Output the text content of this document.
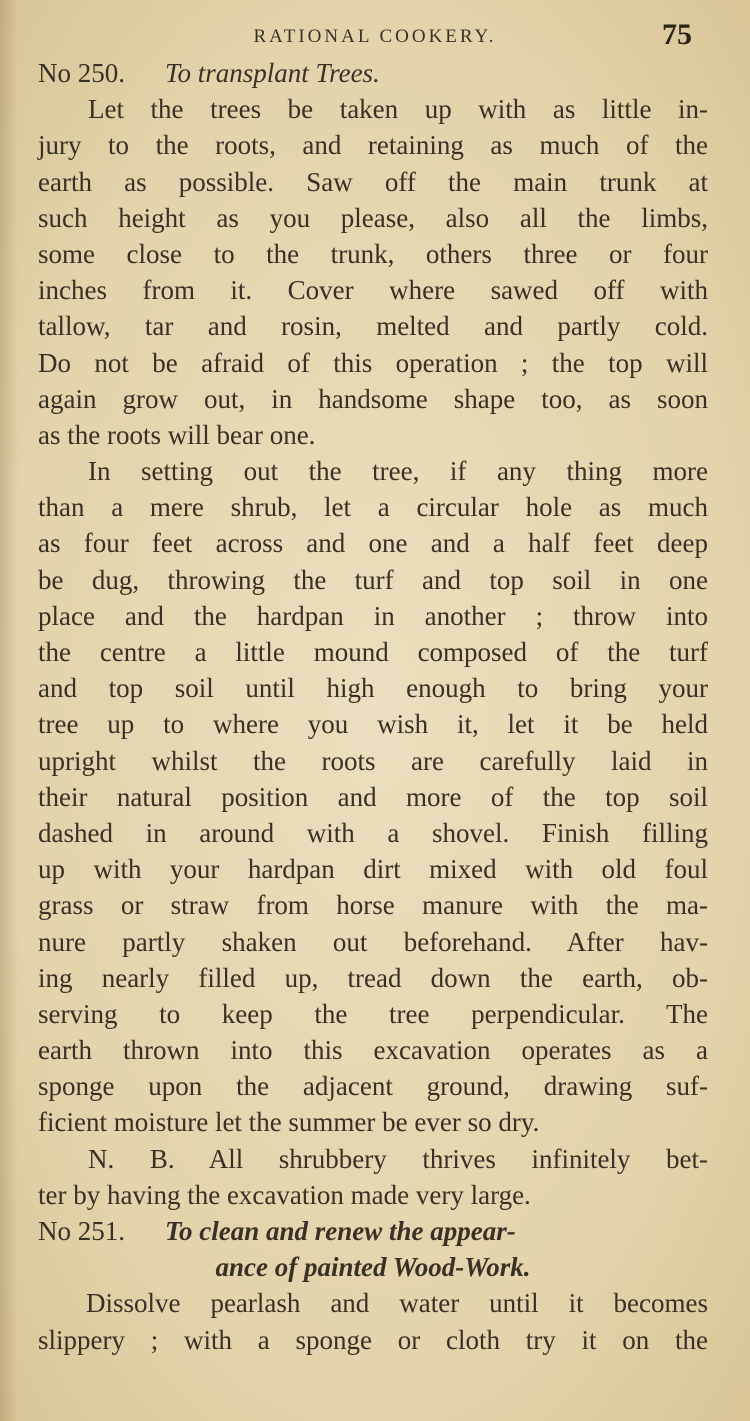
RATIONAL COOKERY.	75
No 250. To transplant Trees.
Let the trees be taken up with as little in-
jury to the roots, and retaining as much of the
earth as possible. Saw off the main trunk at
such height as you please, also all the limbs,
some close to the trunk, others three or four
inches from it. Cover where sawed off with
tallow, tar and rosin, melted and partly cold.
Do not be afraid of this operation ; the top will
again grow out, in handsome shape too, as soon
as the roots will bear one.
In setting out the tree, if any thing more
than a mere shrub, let a circular hole as much
as four feet across and one and a half feet deep
be dug, throwing the turf and top soil in one
place and the hardpan in another ; throw into
the centre a little mound composed of the turf
and top soil until high enough to bring your
tree up to where you wish it, let it be held
upright whilst the roots are carefully laid in
their natural position and more of the top soil
dashed in around with a shovel. Finish filling
up with your hardpan dirt mixed with old foul
grass or straw from horse manure with the ma-
nure partly shaken out beforehand. After hav-
ing nearly filled up, tread down the earth, ob-
serving to keep the tree perpendicular. The
earth thrown into this excavation operates as a
sponge upon the adjacent ground, drawing suf-
ficient moisture let the summer be ever so dry.
N. B. All shrubbery thrives infinitely bet-
ter by having the excavation made very large.
No 251. To clean and renew the appear-
ance of painted Wood-Work.
Dissolve pearlash and water until it becomes
slippery ; with a sponge or cloth try it on the
